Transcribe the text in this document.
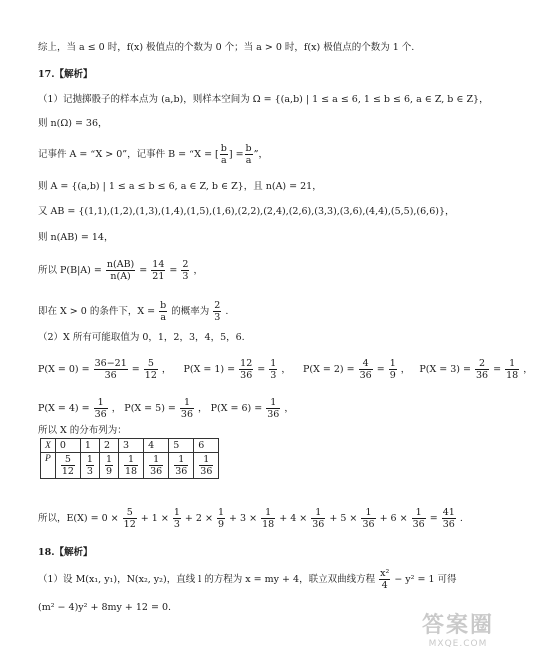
综上，当 a ≤ 0 时，f(x) 极值点的个数为 0 个；当 a > 0 时，f(x) 极值点的个数为 1 个.
17.【解析】
（1）记抛掷骰子的样本点为 (a,b)，则样本空间为 Ω = {(a,b) | 1 ≤ a ≤ 6, 1 ≤ b ≤ 6, a ∈ Z, b ∈ Z}，
则 n(Ω) = 36，
记事件 A = “X > 0”，记事件 B = “X = [ $\frac{b}{a}$ ] = $\frac{b}{a}$ ”，
则 A = {(a,b) | 1 ≤ a ≤ b ≤ 6, a ∈ Z, b ∈ Z}，且 n(A) = 21，
又 AB = {(1,1),(1,2),(1,3),(1,4),(1,5),(1,6),(2,2),(2,4),(2,6),(3,3),(3,6),(4,4),(5,5),(6,6)}，
则 n(AB) = 14，
所以 $P(B|A) = \frac{n(AB)}{n(A)} = \frac{14}{21} = \frac{2}{3}$ ，
即在 X > 0 的条件下，$X = \frac{b}{a}$ 的概率为 $\frac{2}{3}$ .
（2）X 所有可能取值为 0，1，2，3，4，5，6.
$P(X = 0) = \frac{36-21}{36} = \frac{5}{12}$ ， $P(X = 1) = \frac{12}{36} = \frac{1}{3}$ ， $P(X = 2) = \frac{4}{36} = \frac{1}{9}$ ， $P(X = 3) = \frac{2}{36} = \frac{1}{18}$ ，
$P(X = 4) = \frac{1}{36}$ ， $P(X = 5) = \frac{1}{36}$ ， $P(X = 6) = \frac{1}{36}$ ，
所以 X 的分布列为：
X	0	1	2	3	4	5	6
P	$\frac{5}{12}$	$\frac{1}{3}$	$\frac{1}{9}$	$\frac{1}{18}$	$\frac{1}{36}$	$\frac{1}{36}$	$\frac{1}{36}$
所以，$E(X) = 0 \times \frac{5}{12} + 1 \times \frac{1}{3} + 2 \times \frac{1}{9} + 3 \times \frac{1}{18} + 4 \times \frac{1}{36} + 5 \times \frac{1}{36} + 6 \times \frac{1}{36} = \frac{41}{36}$ .
18.【解析】
（1）设 M(x₁, y₁)，N(x₂, y₂)，直线 l 的方程为 x = my + 4，联立双曲线方程 $\frac{\text{x²}}{4} - y^2 = 1$ 可得
(m² − 4)y² + 8my + 12 = 0.
答案圈
MXQE.COM
